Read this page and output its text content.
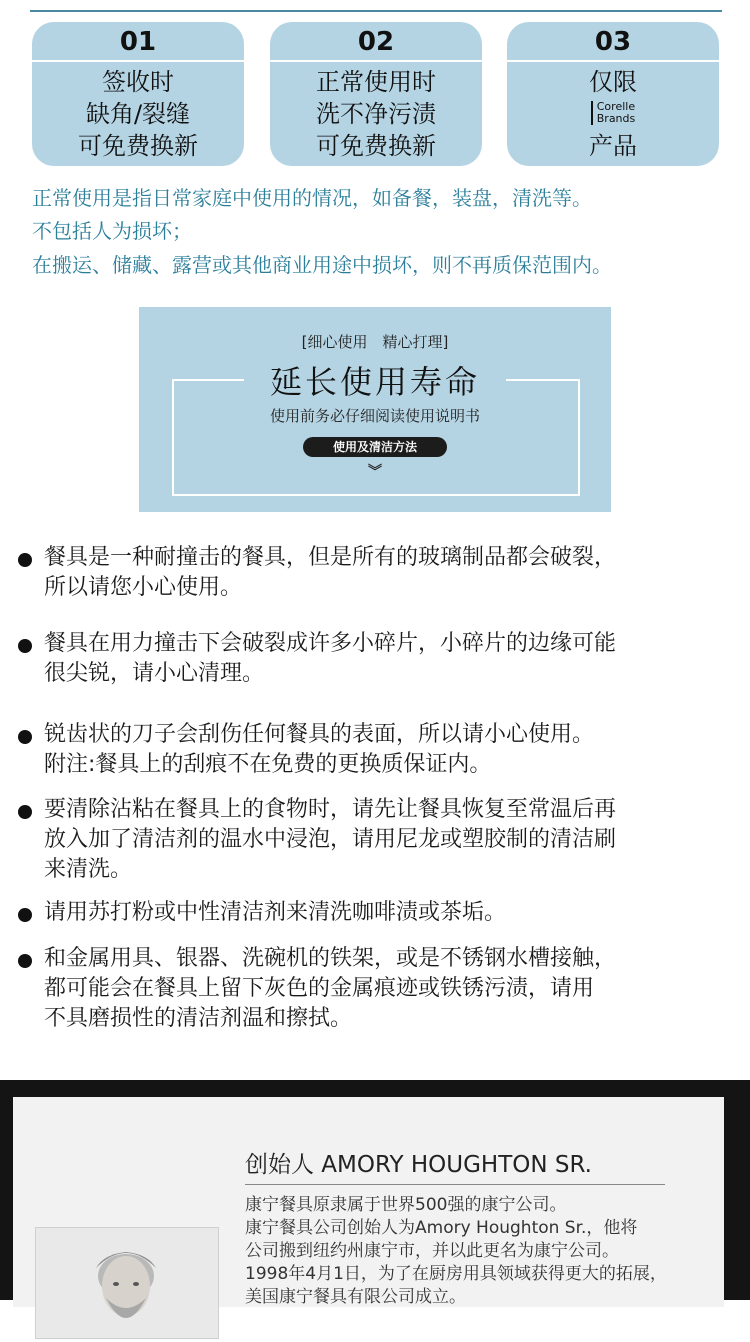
01
签收时
缺角/裂缝
可免费换新
02
正常使用时
洗不净污渍
可免费换新
03
仅限
Corelle
Brands
产品
正常使用是指日常家庭中使用的情况，如备餐，装盘，清洗等。
不包括人为损坏；
在搬运、储藏、露营或其他商业用途中损坏，则不再质保范围内。
[细心使用　精心打理]
延长使用寿命
使用前务必仔细阅读使用说明书
使用及清洁方法
︾
餐具是一种耐撞击的餐具，但是所有的玻璃制品都会破裂，
所以请您小心使用。
餐具在用力撞击下会破裂成许多小碎片，小碎片的边缘可能
很尖锐，请小心清理。
锐齿状的刀子会刮伤任何餐具的表面，所以请小心使用。
附注:餐具上的刮痕不在免费的更换质保证内。
要清除沾粘在餐具上的食物时，请先让餐具恢复至常温后再
放入加了清洁剂的温水中浸泡，请用尼龙或塑胶制的清洁刷
来清洗。
请用苏打粉或中性清洁剂来清洗咖啡渍或茶垢。
和金属用具、银器、洗碗机的铁架，或是不锈钢水槽接触，
都可能会在餐具上留下灰色的金属痕迹或铁锈污渍，请用
不具磨损性的清洁剂温和擦拭。
创始人 AMORY HOUGHTON SR.
康宁餐具原隶属于世界500强的康宁公司。
康宁餐具公司创始人为Amory Houghton Sr.，他将
公司搬到纽约州康宁市，并以此更名为康宁公司。
1998年4月1日，为了在厨房用具领域获得更大的拓展，
美国康宁餐具有限公司成立。
